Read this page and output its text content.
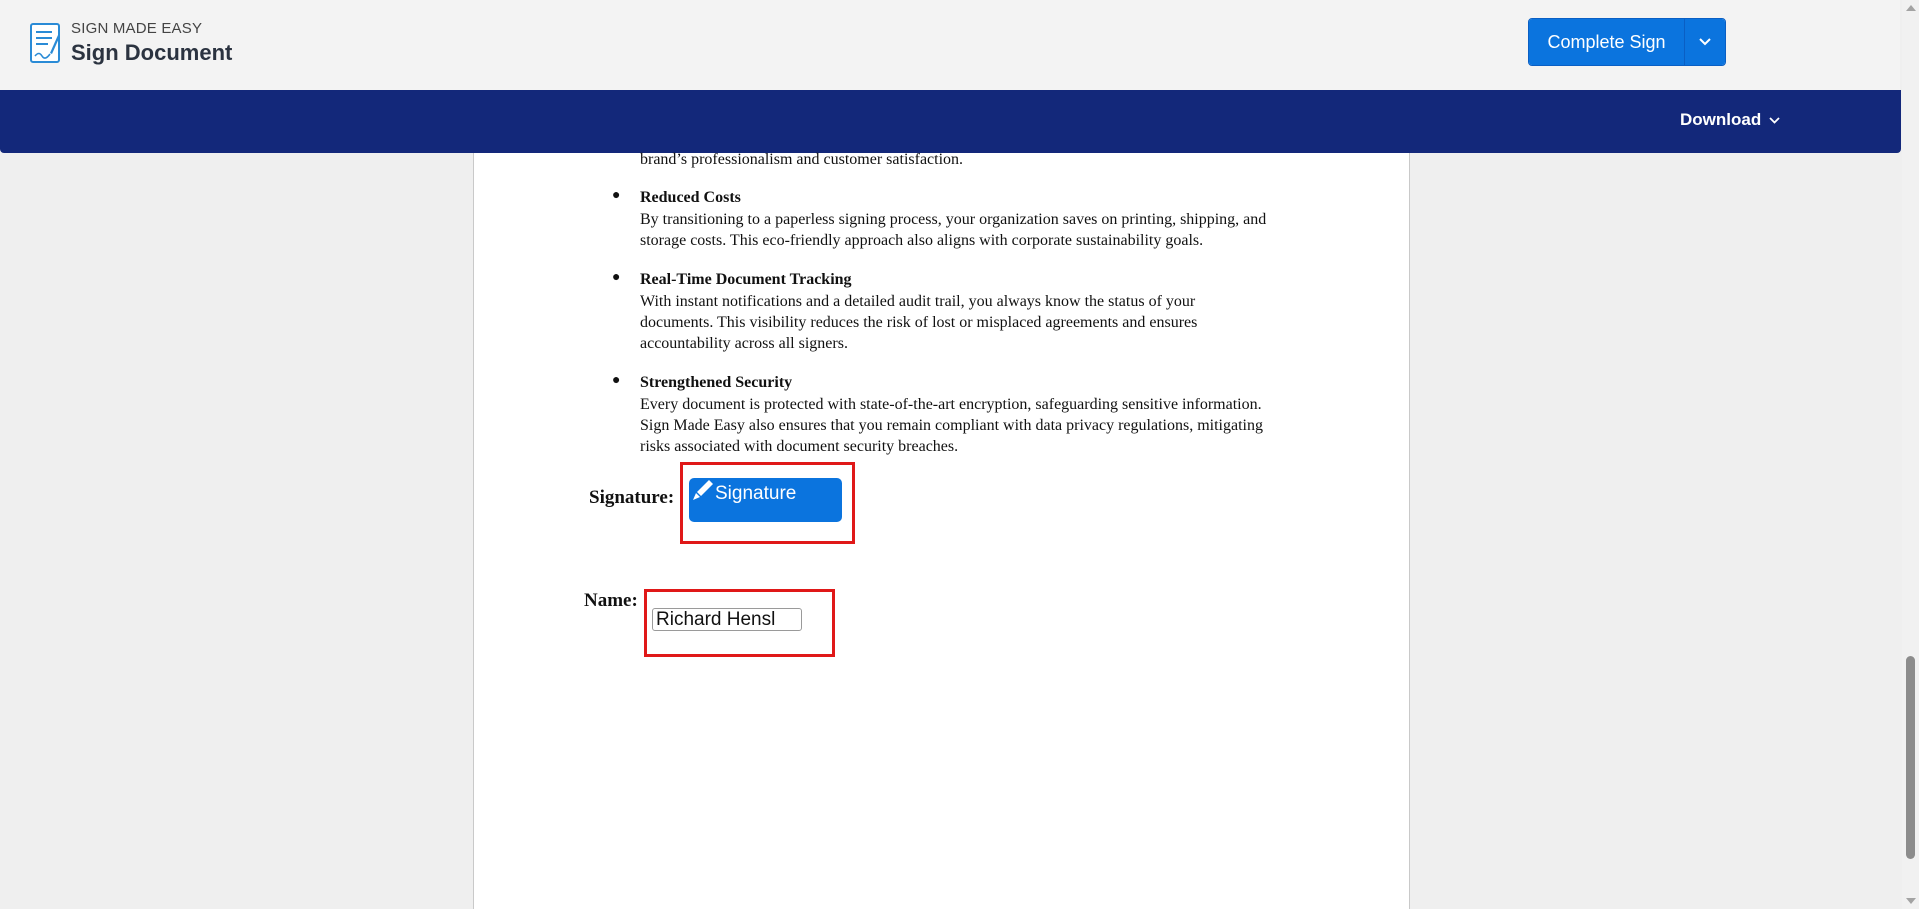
SIGN MADE EASY
Sign Document	Complete Sign
Download
brand’s professionalism and customer satisfaction.
● Reduced Costs
By transitioning to a paperless signing process, your organization saves on printing, shipping, and
storage costs. This eco-friendly approach also aligns with corporate sustainability goals.
● Real-Time Document Tracking
With instant notifications and a detailed audit trail, you always know the status of your
documents. This visibility reduces the risk of lost or misplaced agreements and ensures
accountability across all signers.
● Strengthened Security
Every document is protected with state-of-the-art encryption, safeguarding sensitive information.
Sign Made Easy also ensures that you remain compliant with data privacy regulations, mitigating
risks associated with document security breaches.
Signature: Signature
Name:
Richard Hensl
